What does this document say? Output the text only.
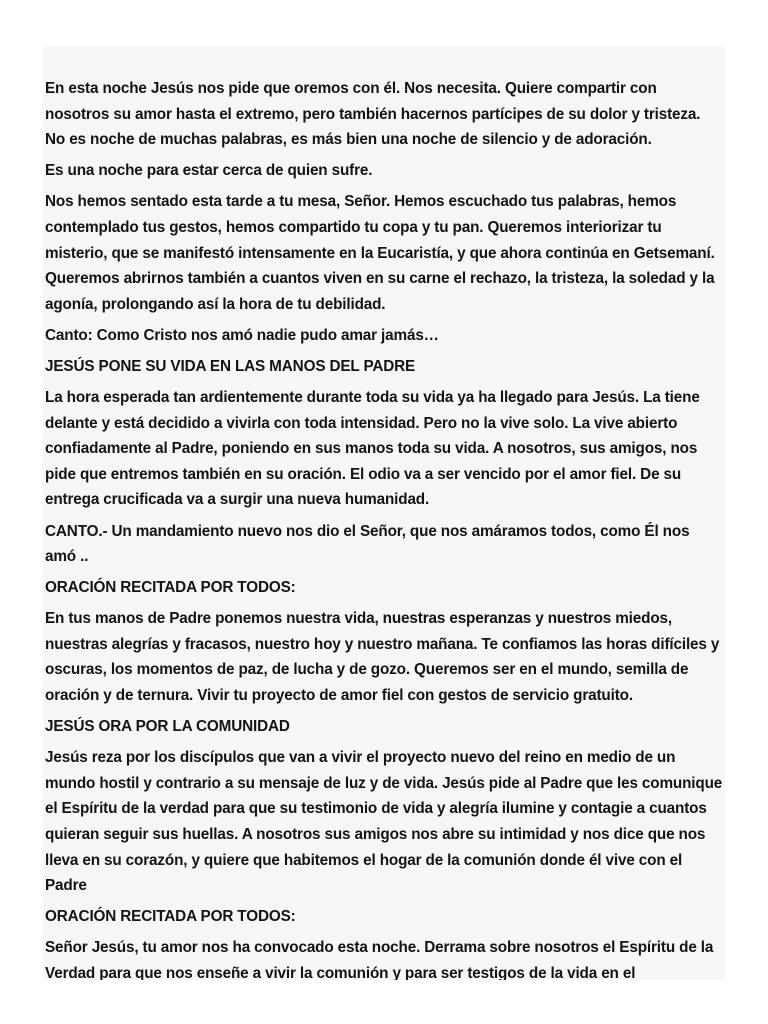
En esta noche Jesús nos pide que oremos con él. Nos necesita. Quiere compartir con nosotros su amor hasta el extremo, pero también hacernos partícipes de su dolor y tristeza. No es noche de muchas palabras, es más bien una noche de silencio y de adoración.

Es una noche para estar cerca de quien sufre.

Nos hemos sentado esta tarde a tu mesa, Señor. Hemos escuchado tus palabras, hemos contemplado tus gestos, hemos compartido tu copa y tu pan. Queremos interiorizar tu misterio, que se manifestó intensamente en la Eucaristía, y que ahora continúa en Getsemaní. Queremos abrirnos también a cuantos viven en su carne el rechazo, la tristeza, la soledad y la agonía, prolongando así la hora de tu debilidad.

Canto: Como Cristo nos amó nadie pudo amar jamás…

JESÚS PONE SU VIDA EN LAS MANOS DEL PADRE

La hora esperada tan ardientemente durante toda su vida ya ha llegado para Jesús. La tiene delante y está decidido a vivirla con toda intensidad. Pero no la vive solo. La vive abierto confiadamente al Padre, poniendo en sus manos toda su vida. A nosotros, sus amigos, nos pide que entremos también en su oración. El odio va a ser vencido por el amor fiel. De su entrega crucificada va a surgir una nueva humanidad.

CANTO.- Un mandamiento nuevo nos dio el Señor, que nos amáramos todos, como Él nos amó ..

ORACIÓN RECITADA POR TODOS:

En tus manos de Padre ponemos nuestra vida, nuestras esperanzas y nuestros miedos, nuestras alegrías y fracasos, nuestro hoy y nuestro mañana. Te confiamos las horas difíciles y oscuras, los momentos de paz, de lucha y de gozo. Queremos ser en el mundo, semilla de oración y de ternura. Vivir tu proyecto de amor fiel con gestos de servicio gratuito.

JESÚS ORA POR LA COMUNIDAD

Jesús reza por los discípulos que van a vivir el proyecto nuevo del reino en medio de un mundo hostil y contrario a su mensaje de luz y de vida. Jesús pide al Padre que les comunique el Espíritu de la verdad para que su testimonio de vida y alegría ilumine y contagie a cuantos quieran seguir sus huellas. A nosotros sus amigos nos abre su intimidad y nos dice que nos lleva en su corazón, y quiere que habitemos el hogar de la comunión donde él vive con el Padre

ORACIÓN RECITADA POR TODOS:

Señor Jesús, tu amor nos ha convocado esta noche. Derrama sobre nosotros el Espíritu de la Verdad para que nos enseñe a vivir la comunión y para ser testigos de la vida en el
